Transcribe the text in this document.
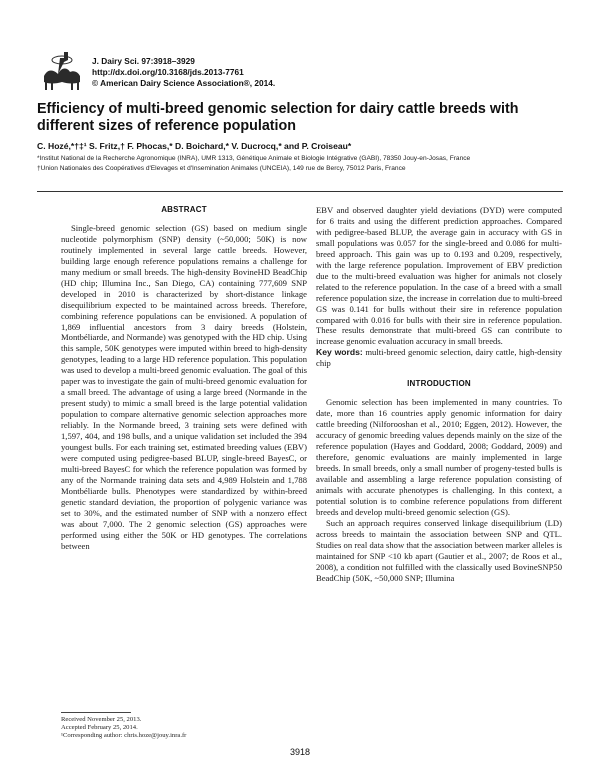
J. Dairy Sci. 97:3918–3929
http://dx.doi.org/10.3168/jds.2013-7761
© American Dairy Science Association®, 2014.
Efficiency of multi-breed genomic selection for dairy cattle breeds with different sizes of reference population
C. Hozé,*†‡¹ S. Fritz,† F. Phocas,* D. Boichard,* V. Ducrocq,* and P. Croiseau*

*Institut National de la Recherche Agronomique (INRA), UMR 1313, Génétique Animale et Biologie Intégrative (GABI), 78350 Jouy-en-Josas, France

†Union Nationales des Coopératives d'Elevages et d'Insemination Animales (UNCEIA), 149 rue de Bercy, 75012 Paris, France

ABSTRACT

Single-breed genomic selection (GS) based on medium single nucleotide polymorphism (SNP) density (~50,000; 50K) is now routinely implemented in several large cattle breeds. However, building large enough reference populations remains a challenge for many medium or small breeds. The high-density BovineHD BeadChip (HD chip; Illumina Inc., San Diego, CA) containing 777,609 SNP developed in 2010 is characterized by short-distance linkage disequilibrium expected to be maintained across breeds. Therefore, combining reference populations can be envisioned. A population of 1,869 influential ancestors from 3 dairy breeds (Holstein, Montbéliarde, and Normande) was genotyped with the HD chip. Using this sample, 50K genotypes were imputed within breed to high-density genotypes, leading to a large HD reference population. This population was used to develop a multi-breed genomic evaluation. The goal of this paper was to investigate the gain of multi-breed genomic evaluation for a small breed. The advantage of using a large breed (Normande in the present study) to mimic a small breed is the large potential validation population to compare alternative genomic selection approaches more reliably. In the Normande breed, 3 training sets were defined with 1,597, 404, and 198 bulls, and a unique validation set included the 394 youngest bulls. For each training set, estimated breeding values (EBV) were computed using pedigree-based BLUP, single-breed BayesC, or multi-breed BayesC for which the reference population was formed by any of the Normande training data sets and 4,989 Holstein and 1,788 Montbéliarde bulls. Phenotypes were standardized by within-breed genetic standard deviation, the proportion of polygenic variance was set to 30%, and the estimated number of SNP with a nonzero effect was about 7,000. The 2 genomic selection (GS) approaches were performed using either the 50K or HD genotypes. The correlations between

EBV and observed daughter yield deviations (DYD) were computed for 6 traits and using the different prediction approaches. Compared with pedigree-based BLUP, the average gain in accuracy with GS in small populations was 0.057 for the single-breed and 0.086 for multi-breed approach. This gain was up to 0.193 and 0.209, respectively, with the large reference population. Improvement of EBV prediction due to the multi-breed evaluation was higher for animals not closely related to the reference population. In the case of a breed with a small reference population size, the increase in correlation due to multi-breed GS was 0.141 for bulls without their sire in reference population compared with 0.016 for bulls with their sire in reference population. These results demonstrate that multi-breed GS can contribute to increase genomic evaluation accuracy in small breeds.

Key words: multi-breed genomic selection, dairy cattle, high-density chip

INTRODUCTION

Genomic selection has been implemented in many countries. To date, more than 16 countries apply genomic information for dairy cattle breeding (Nilforooshan et al., 2010; Eggen, 2012). However, the accuracy of genomic breeding values depends mainly on the size of the reference population (Hayes and Goddard, 2008; Goddard, 2009) and therefore, genomic evaluations are mainly implemented in large breeds. In small breeds, only a small number of progeny-tested bulls is available and assembling a large reference population consisting of animals with accurate phenotypes is challenging. In this context, a potential solution is to combine reference populations from different breeds and develop multi-breed genomic selection (GS).

Such an approach requires conserved linkage disequilibrium (LD) across breeds to maintain the association between SNP and QTL. Studies on real data show that the association between marker alleles is maintained for SNP <10 kb apart (Gautier et al., 2007; de Roos et al., 2008), a condition not fulfilled with the classically used BovineSNP50 BeadChip (50K, ~50,000 SNP; Illumina

Received November 25, 2013.
Accepted February 25, 2014.
¹Corresponding author: chris.hoze@jouy.inra.fr
3918
